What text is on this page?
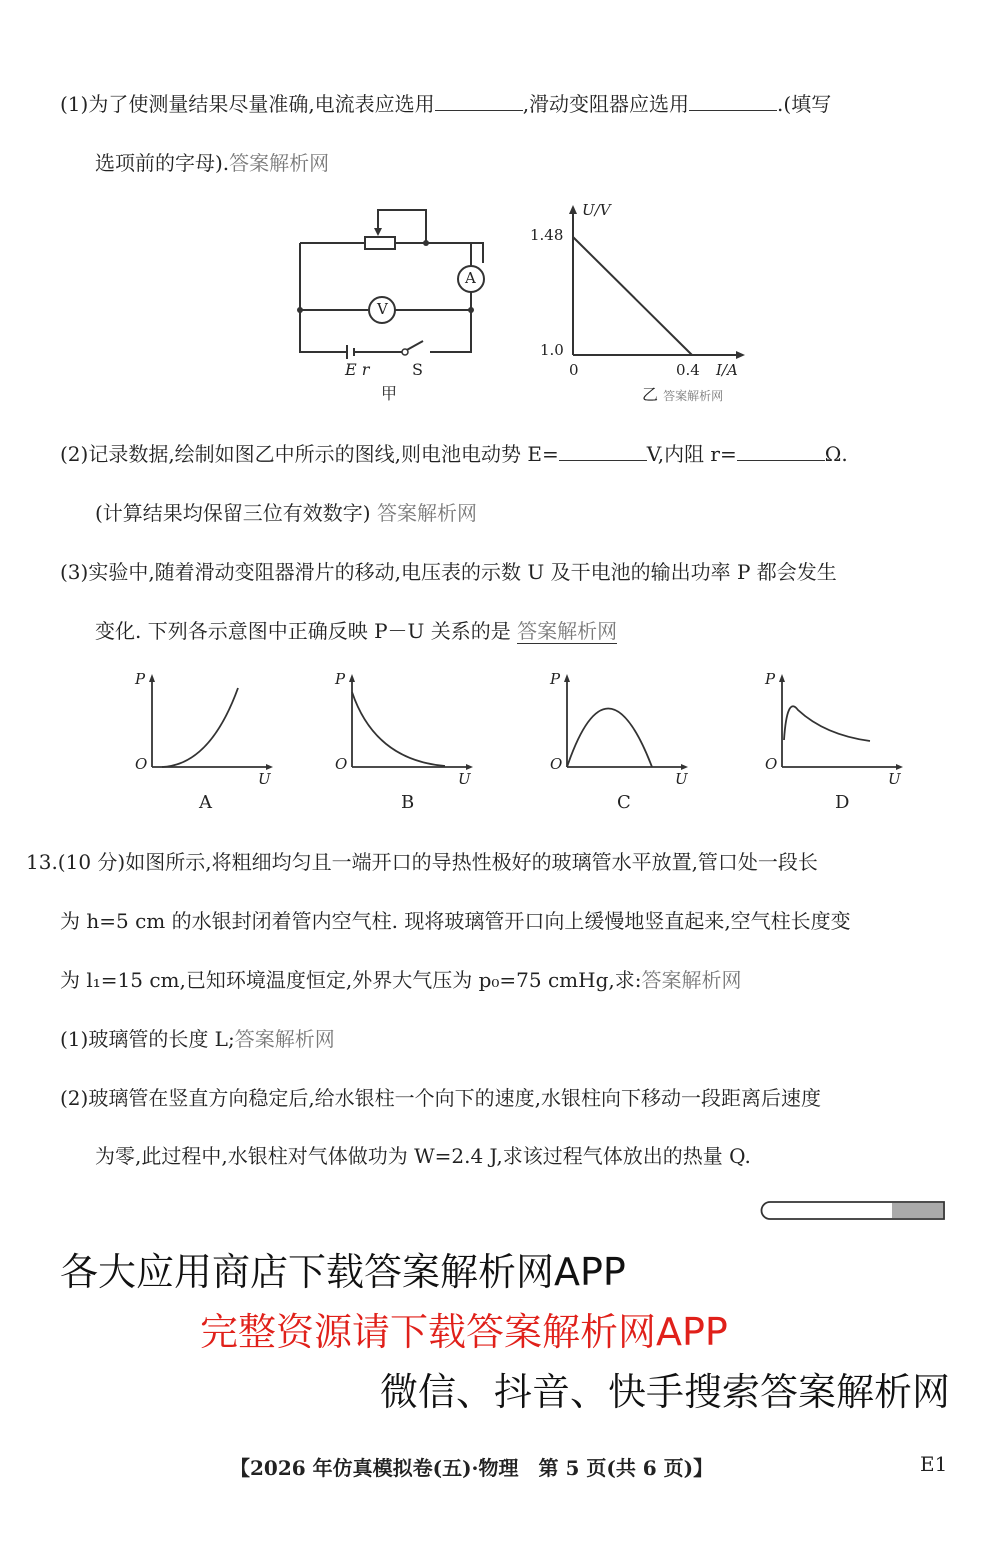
(1)为了使测量结果尽量准确,电流表应选用	,滑动变阻器应选用	.(填写
选项前的字母).答案解析网
A
V
E r	S
甲
U/V
1.48
1.0
0	0.4 I/A
乙 答案解析网
(2)记录数据,绘制如图乙中所示的图线,则电池电动势 E=	V,内阻 r=	Ω.
(计算结果均保留三位有效数字) 答案解析网
(3)实验中,随着滑动变阻器滑片的移动,电压表的示数 U 及干电池的输出功率 P 都会发生
变化. 下列各示意图中正确反映 P－U 关系的是 答案解析网
P
O
U
A
P
O
U
B
P
O
U
C
P
O
U
D
13.(10 分)如图所示,将粗细均匀且一端开口的导热性极好的玻璃管水平放置,管口处一段长
为 h=5 cm 的水银封闭着管内空气柱. 现将玻璃管开口向上缓慢地竖直起来,空气柱长度变
为 l₁=15 cm,已知环境温度恒定,外界大气压为 p₀=75 cmHg,求:答案解析网
(1)玻璃管的长度 L;答案解析网
(2)玻璃管在竖直方向稳定后,给水银柱一个向下的速度,水银柱向下移动一段距离后速度
为零,此过程中,水银柱对气体做功为 W=2.4 J,求该过程气体放出的热量 Q.
各大应用商店下载答案解析网APP
完整资源请下载答案解析网APP
微信、抖音、快手搜索答案解析网
【2026 年仿真模拟卷(五)·物理　第 5 页(共 6 页)】	E1
